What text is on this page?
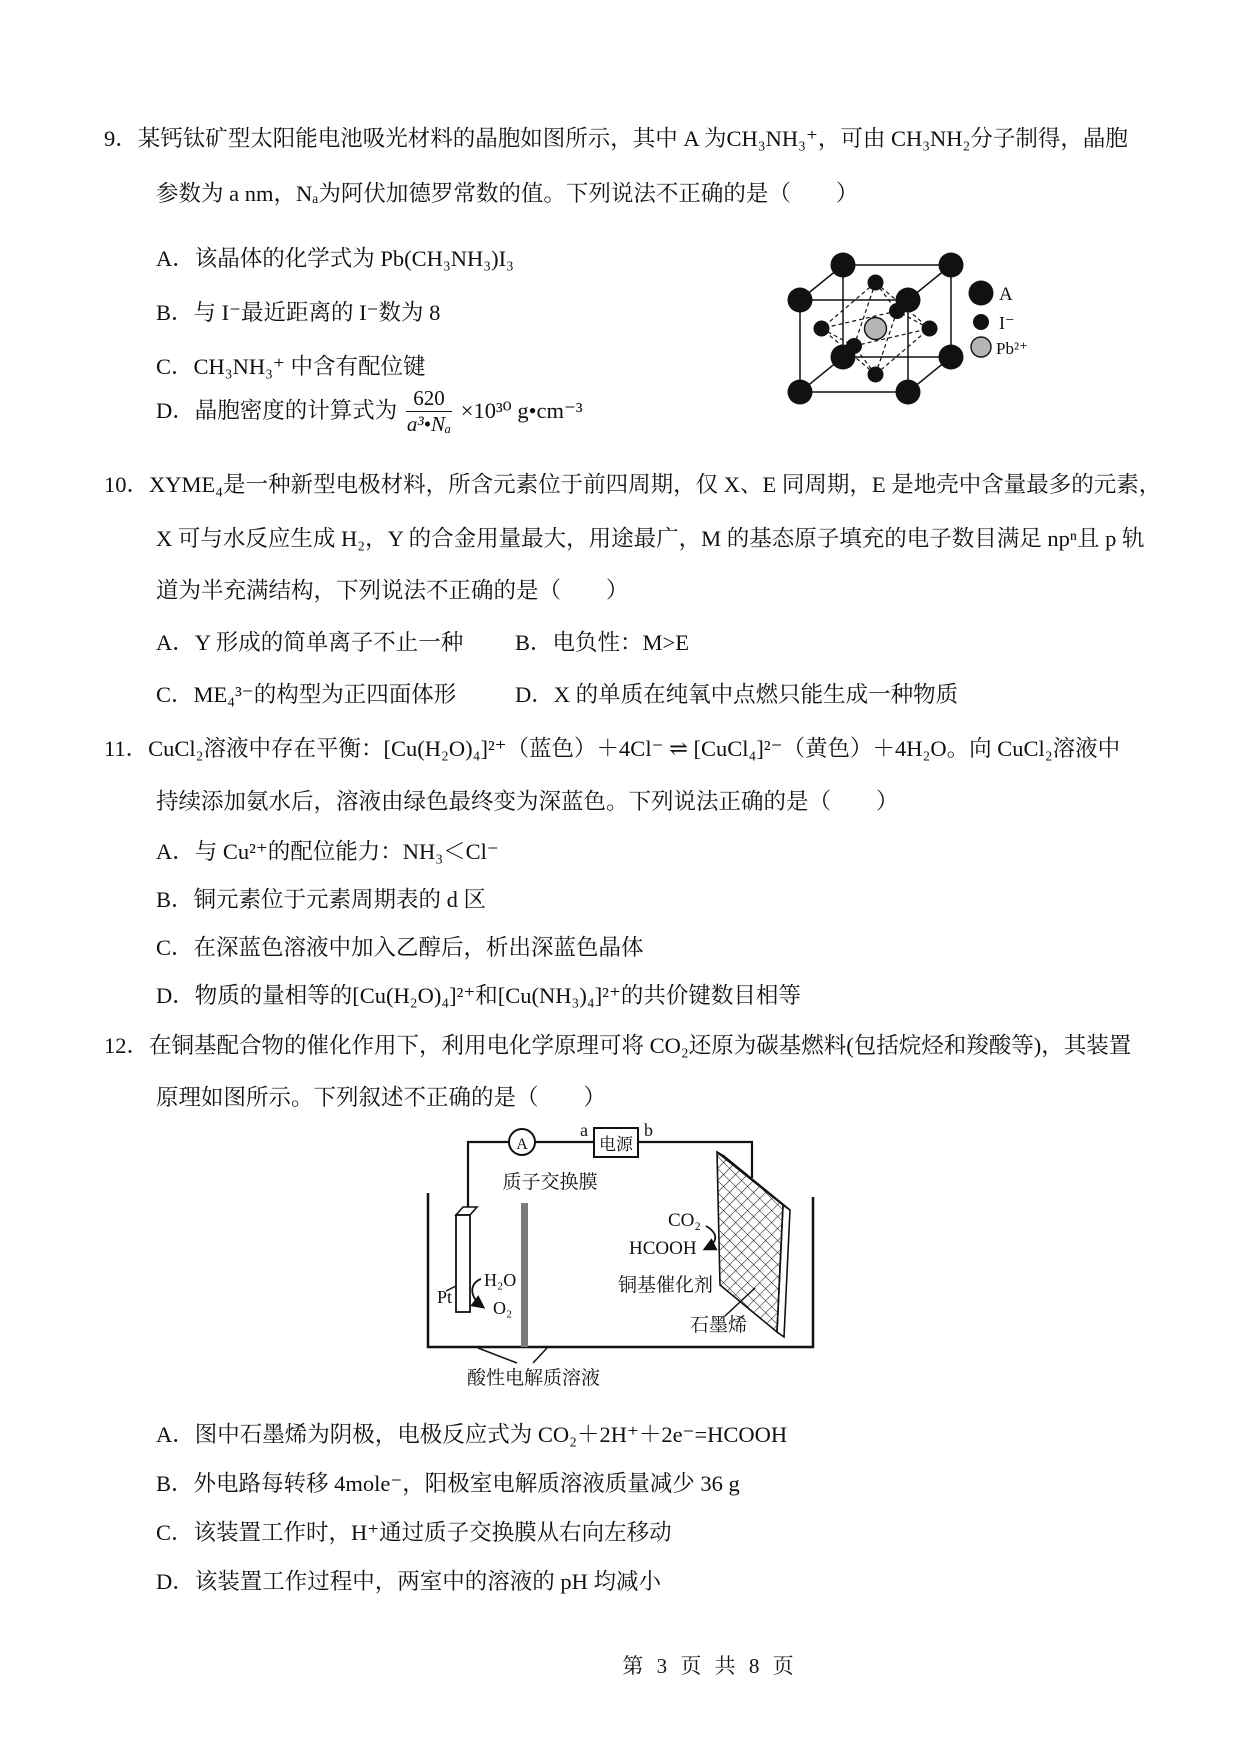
9．某钙钛矿型太阳能电池吸光材料的晶胞如图所示，其中 A 为CH₃NH₃⁺，可由 CH₃NH₂分子制得，晶胞
参数为 a nm，Nₐ为阿伏加德罗常数的值。下列说法不正确的是（　　）
A．该晶体的化学式为 Pb(CH₃NH₃)I₃
B．与 I⁻最近距离的 I⁻数为 8
C．CH₃NH₃⁺ 中含有配位键
D．晶胞密度的计算式为 $\frac{620}{\text{a³•Nₐ}} \times 10^{30}$ g•cm⁻³
A
I⁻
Pb²⁺
10．XYME₄是一种新型电极材料，所含元素位于前四周期，仅 X、E 同周期，E 是地壳中含量最多的元素，
X 可与水反应生成 H₂，Y 的合金用量最大，用途最广，M 的基态原子填充的电子数目满足 npⁿ且 p 轨
道为半充满结构，下列说法不正确的是（　　）
A．Y 形成的简单离子不止一种 B．电负性：M>E
C．ME₄³⁻的构型为正四面体形	D．X 的单质在纯氧中点燃只能生成一种物质
11．CuCl₂溶液中存在平衡：[Cu(H₂O)₄]²⁺（蓝色）＋4Cl⁻ ⇌ [CuCl₄]²⁻（黄色）＋4H₂O。向 CuCl₂溶液中
持续添加氨水后，溶液由绿色最终变为深蓝色。下列说法正确的是（　　）
A．与 Cu²⁺的配位能力：NH₃＜Cl⁻
B．铜元素位于元素周期表的 d 区
C．在深蓝色溶液中加入乙醇后，析出深蓝色晶体
D．物质的量相等的[Cu(H₂O)₄]²⁺和[Cu(NH₃)₄]²⁺的共价键数目相等
12．在铜基配合物的催化作用下，利用电化学原理可将 CO₂还原为碳基燃料(包括烷烃和羧酸等)，其装置
原理如图所示。下列叙述不正确的是（　　）
A	电源
a	b
质子交换膜
Pt
H₂O
O₂
CO₂
HCOOH
铜基催化剂
石墨烯
酸性电解质溶液
A．图中石墨烯为阴极，电极反应式为 CO₂＋2H⁺＋2e⁻=HCOOH
B．外电路每转移 4mole⁻，阳极室电解质溶液质量减少 36 g
C．该装置工作时，H⁺通过质子交换膜从右向左移动
D．该装置工作过程中，两室中的溶液的 pH 均减小
第 3 页 共 8 页
